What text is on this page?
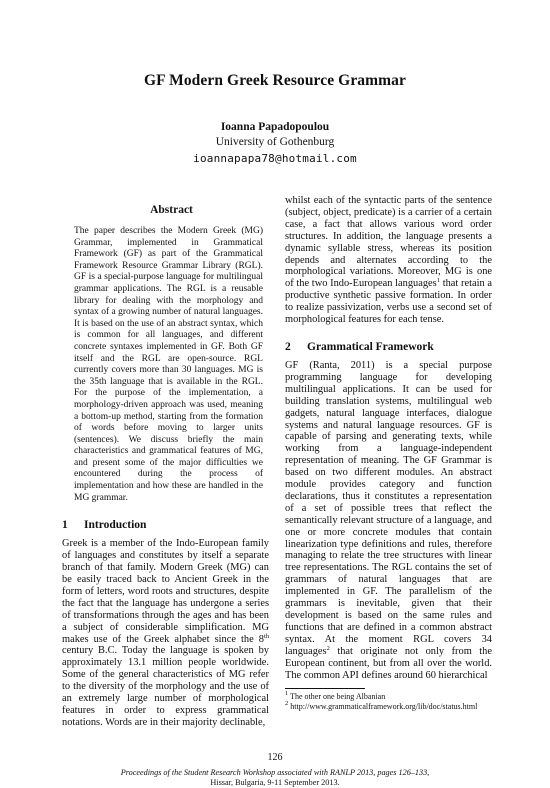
GF Modern Greek Resource Grammar
Ioanna Papadopoulou
University of Gothenburg
ioannapapa78@hotmail.com
Abstract

The paper describes the Modern Greek (MG) Grammar, implemented in Grammatical Framework (GF) as part of the Grammatical Framework Resource Grammar Library (RGL). GF is a special-purpose language for multilingual grammar applications. The RGL is a reusable library for dealing with the morphology and syntax of a growing number of natural languages. It is based on the use of an abstract syntax, which is common for all languages, and different concrete syntaxes implemented in GF. Both GF itself and the RGL are open-source. RGL currently covers more than 30 languages. MG is the 35th language that is available in the RGL. For the purpose of the implementation, a morphology-driven approach was used, meaning a bottom-up method, starting from the formation of words before moving to larger units (sentences). We discuss briefly the main characteristics and grammatical features of MG, and present some of the major difficulties we encountered during the process of implementation and how these are handled in the MG grammar.

1 Introduction

Greek is a member of the Indo-European family of languages and constitutes by itself a separate branch of that family. Modern Greek (MG) can be easily traced back to Ancient Greek in the form of letters, word roots and structures, despite the fact that the language has undergone a series of transformations through the ages and has been a subject of considerable simplification. MG makes use of the Greek alphabet since the 8th century B.C. Today the language is spoken by approximately 13.1 million people worldwide. Some of the general characteristics of MG refer to the diversity of the morphology and the use of an extremely large number of morphological features in order to express grammatical notations. Words are in their majority declinable,

whilst each of the syntactic parts of the sentence (subject, object, predicate) is a carrier of a certain case, a fact that allows various word order structures. In addition, the language presents a dynamic syllable stress, whereas its position depends and alternates according to the morphological variations. Moreover, MG is one of the two Indo-European languages$^1$ that retain a productive synthetic passive formation. In order to realize passivization, verbs use a second set of morphological features for each tense.

2 Grammatical Framework

GF (Ranta, 2011) is a special purpose programming language for developing multilingual applications. It can be used for building translation systems, multilingual web gadgets, natural language interfaces, dialogue systems and natural language resources. GF is capable of parsing and generating texts, while working from a language-independent representation of meaning. The GF Grammar is based on two different modules. An abstract module provides category and function declarations, thus it constitutes a representation of a set of possible trees that reflect the semantically relevant structure of a language, and one or more concrete modules that contain linearization type definitions and rules, therefore managing to relate the tree structures with linear tree representations. The RGL contains the set of grammars of natural languages that are implemented in GF. The parallelism of the grammars is inevitable, given that their development is based on the same rules and functions that are defined in a common abstract syntax. At the moment RGL covers 34 languages$^2$ that originate not only from the European continent, but from all over the world. The common API defines around 60 hierarchical

$^1$ The other one being Albanian
$^2$ http://www.grammaticalframework.org/lib/doc/status.html
126
Proceedings of the Student Research Workshop associated with RANLP 2013, pages 126–133,
Hissar, Bulgaria, 9-11 September 2013.
